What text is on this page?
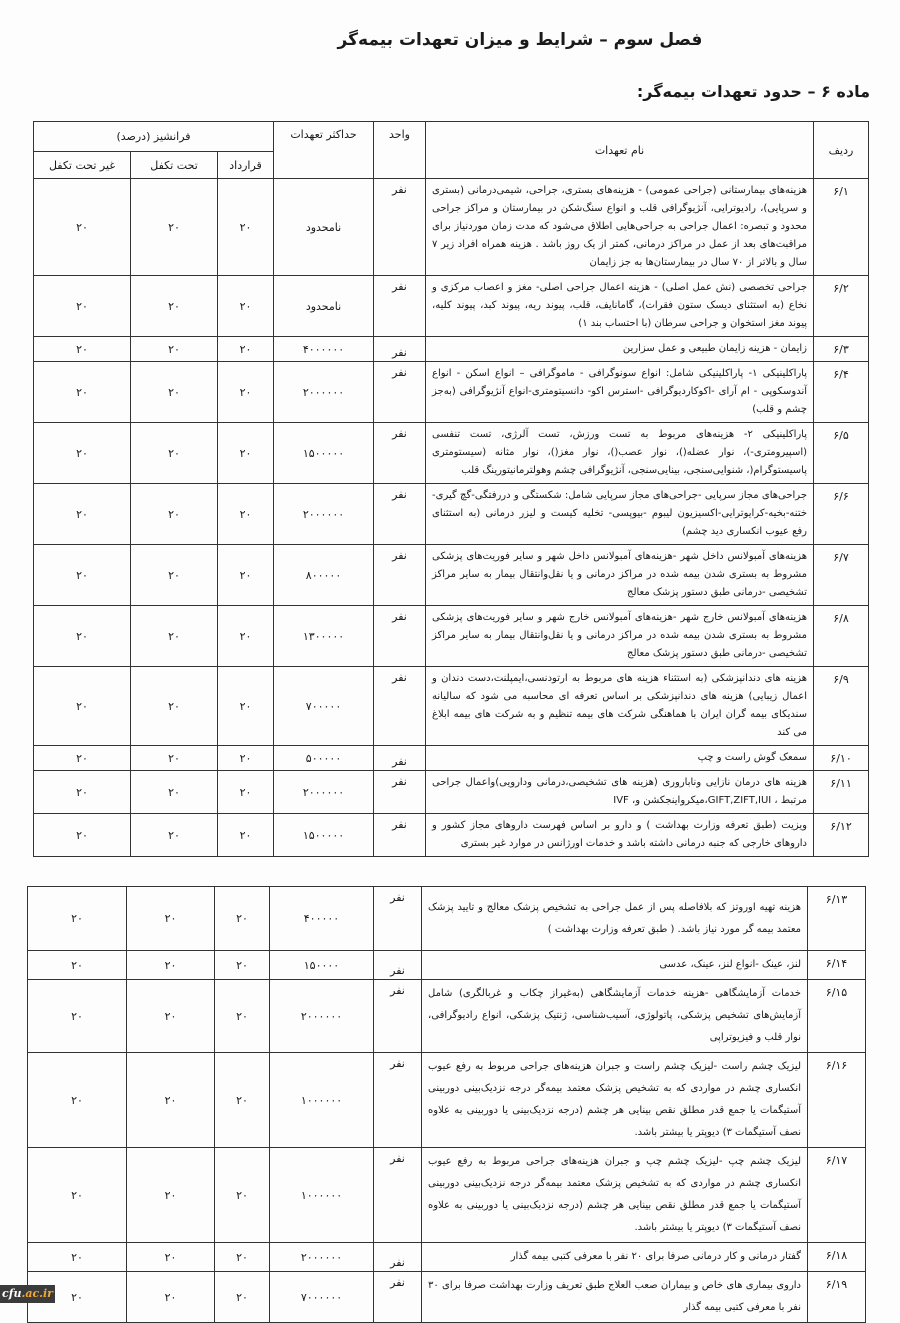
فصل سوم – شرایط و میزان تعهدات بیمه‌گر
ماده ۶ – حدود تعهدات بیمه‌گر:
ردیف	نام تعهدات	واحد	حداکثر تعهدات	فرانشیز (درصد)		
				قرارداد	تحت تکفل	غیر تحت تکفل
۶/۱	هزینه‌های بیمارستانی (جراحی عمومی) - هزینه‌های بستری، جراحی، شیمی‌درمانی (بستری و سرپایی)، رادیوترایی، آنژیوگرافی قلب و انواع سنگ‌شکن در بیمارستان و مراکز جراحی محدود و تبصره: اعمال جراحی به جراحی‌هایی اطلاق می‌شود که مدت زمان موردنیاز برای مراقبت‌های بعد از عمل در مراکز درمانی، کمتر از یک روز باشد . هزینه همراه افراد زیر ۷ سال و بالاتر از ۷۰ سال در بیمارستان‌ها به جز زایمان	نفر	نامحدود	۲۰	۲۰	۲۰
۶/۲	جراحی تخصصی (نش عمل اصلی) - هزینه اعمال جراحی اصلی- مغز و اعصاب مرکزی و نخاع (به استثنای دیسک ستون فقرات)، گامانایف، قلب، پیوند ریه، پیوند کبد، پیوند کلیه، پیوند مغز استخوان و جراحی سرطان (با احتساب بند ۱)	نفر	نامحدود	۲۰	۲۰	۲۰
۶/۳	زایمان - هزینه زایمان طبیعی و عمل سزارین	نفر	۴۰۰۰۰۰۰	۲۰	۲۰	۲۰
۶/۴	پاراکلینیکی ۱- پاراکلینیکی شامل: انواع سونوگرافی - ماموگرافی – انواع اسکن - انواع آندوسکوپی - ام آر‌ای -اکوکاردیوگرافی -استرس اکو- دانسیتومتری-انواع آنژیوگرافی (به‌جز چشم و قلب)	نفر	۲۰۰۰۰۰۰	۲۰	۲۰	۲۰
۶/۵	پاراکلینیکی ۲- هزینه‌های مربوط به تست ورزش، تست آلرژی، تست تنفسی (اسپیرومتری-)، نوار عضله()، نوار عصب()، نوار مغز()، نوار مثانه (سیستومتری پاسیستوگرام(، شنوایی‌سنجی، بینایی‌سنجی، آنژیوگرافی چشم وهولترمانیتورینگ قلب	نفر	۱۵۰۰۰۰۰	۲۰	۲۰	۲۰
۶/۶	جراحی‌های مجاز سرپایی -جراحی‌های مجاز سرپایی شامل: شکستگی و دررفتگی-گچ گیری-ختنه-بخیه-کرایوترایی-اکسیزیون لیبوم -بیوپسی- تخلیه کیست و لیزر درمانی (به استثنای رفع عیوب انکساری دید چشم)	نفر	۲۰۰۰۰۰۰	۲۰	۲۰	۲۰
۶/۷	هزینه‌های آمبولانس داخل شهر -هزینه‌های آمبولانس داخل شهر و سایر فوریت‌های پزشکی مشروط به بستری شدن بیمه شده در مراکز درمانی و یا نقل‌وانتقال بیمار به سایر مراکز تشخیصی -درمانی طبق دستور پزشک معالج	نفر	۸۰۰۰۰۰	۲۰	۲۰	۲۰
۶/۸	هزینه‌های آمبولانس خارج شهر -هزینه‌های آمبولانس خارج شهر و سایر فوریت‌های پزشکی مشروط به بستری شدن بیمه شده در مراکز درمانی و یا نقل‌وانتقال بیمار به سایر مراکز تشخیصی -درمانی طبق دستور پزشک معالج	نفر	۱۳۰۰۰۰۰	۲۰	۲۰	۲۰
۶/۹	هزینه های دندانپزشکی (به استثناء هزینه های مربوط به ارتودنسی،ایمپلنت،دست دندان و اعمال زیبایی) هزینه های دندانپزشکی بر اساس تعرفه ای محاسبه می شود که سالیانه سندیکای بیمه گران ایران با هماهنگی شرکت های بیمه تنظیم و به شرکت های بیمه ابلاغ می کند	نفر	۷۰۰۰۰۰	۲۰	۲۰	۲۰
۶/۱۰	سمعک گوش راست و چپ	نفر	۵۰۰۰۰۰	۲۰	۲۰	۲۰
۶/۱۱	هزینه های درمان نازایی وناباروری (هزینه های تشخیصی،درمانی ودارویی)واعمال جراحی مرتبط ، GIFT,ZIFT,IUI،میکرواینجکشن و، IVF	نفر	۲۰۰۰۰۰۰	۲۰	۲۰	۲۰
۶/۱۲	ویزیت (طبق تعرفه وزارت بهداشت ) و دارو بر اساس فهرست داروهای مجاز کشور و داروهای خارجی که جنبه درمانی داشته باشد و خدمات اورژانس در موارد غیر بستری	نفر	۱۵۰۰۰۰۰	۲۰	۲۰	۲۰
۶/۱۳	هزینه تهیه اوروتز که بلافاصله پس از عمل جراحی به تشخیص پزشک معالج و تایید پزشک معتمد بیمه گر مورد نیاز باشد. ( طبق تعرفه وزارت بهداشت )	نفر	۴۰۰۰۰۰	۲۰	۲۰	۲۰
۶/۱۴	لنز، عینک -انواع لنز، عینک، عدسی	نفر	۱۵۰۰۰۰	۲۰	۲۰	۲۰
۶/۱۵	خدمات آزمایشگاهی -هزینه خدمات آزمایشگاهی (به‌غیراز چکاب و غربالگری) شامل آزمایش‌های تشخیص پزشکی، پاتولوژی، آسیب‌شناسی، ژنتیک پزشکی، انواع رادیوگرافی، نوار قلب و فیزیوتراپی	نفر	۲۰۰۰۰۰۰	۲۰	۲۰	۲۰
۶/۱۶	لیزیک چشم راست -لیزیک چشم راست و جبران هزینه‌های جراحی مربوط به رفع عیوب انکساری چشم در مواردی که به تشخیص پزشک معتمد بیمه‌گر درجه نزدیک‌بینی دوربینی آستیگمات یا جمع قدر مطلق نقص بینایی هر چشم (درجه نزدیک‌بینی یا دوربینی به علاوه نصف آستیگمات ۳) دیوپتر یا بیشتر باشد.	نفر	۱۰۰۰۰۰۰	۲۰	۲۰	۲۰
۶/۱۷	لیزیک چشم چپ -لیزیک چشم چپ و جبران هزینه‌های جراحی مربوط به رفع عیوب انکساری چشم در مواردی که به تشخیص پزشک معتمد بیمه‌گر درجه نزدیک‌بینی دوربینی آستیگمات یا جمع قدر مطلق نقص بینایی هر چشم (درجه نزدیک‌بینی یا دوربینی به علاوه نصف آستیگمات ۳) دیوپتر یا بیشتر باشد.	نفر	۱۰۰۰۰۰۰	۲۰	۲۰	۲۰
۶/۱۸	گفتار درمانی و کار درمانی صرفا برای ۲۰ نفر با معرفی کتبی بیمه گذار	نفر	۲۰۰۰۰۰۰	۲۰	۲۰	۲۰
۶/۱۹	داروی بیماری های خاص و بیماران صعب العلاج طبق تعریف وزارت بهداشت صرفا برای ۳۰ نفر با معرفی کتبی بیمه گذار	نفر	۷۰۰۰۰۰۰	۲۰	۲۰	۲۰
cfu.ac.ir
